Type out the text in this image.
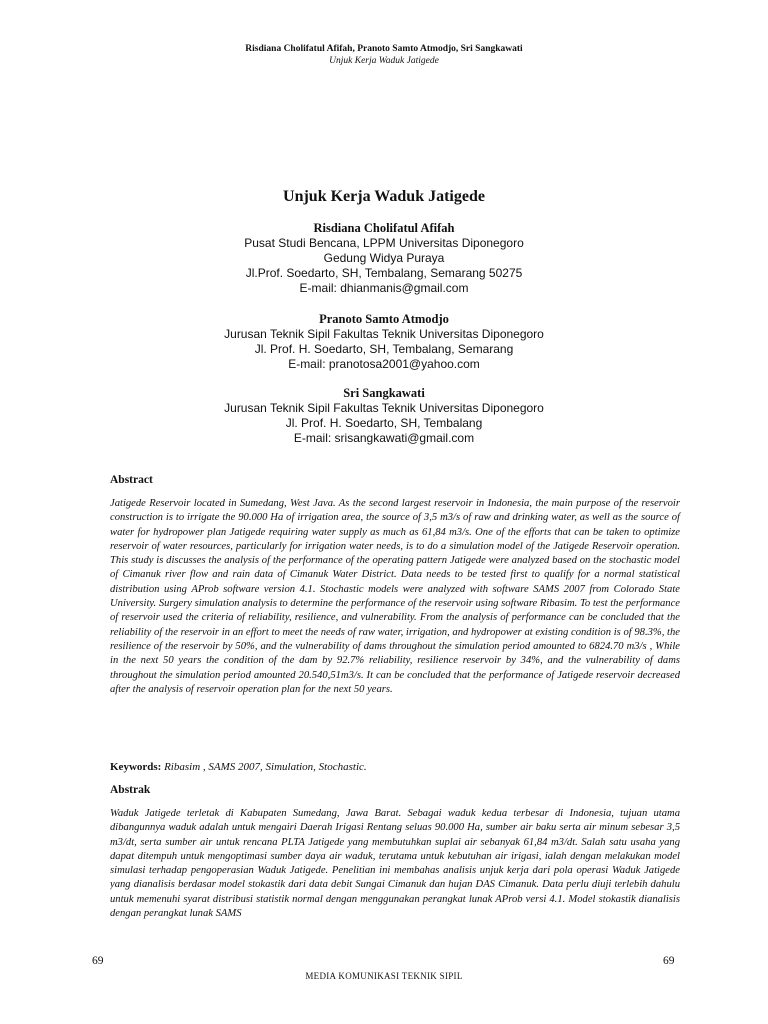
Risdiana Cholifatul Afifah, Pranoto Samto Atmodjo, Sri Sangkawati
Unjuk Kerja Waduk Jatigede
Unjuk Kerja Waduk Jatigede
Risdiana Cholifatul Afifah
Pusat Studi Bencana, LPPM Universitas Diponegoro
Gedung Widya Puraya
Jl.Prof. Soedarto, SH, Tembalang, Semarang 50275
E-mail: dhianmanis@gmail.com
Pranoto Samto Atmodjo
Jurusan Teknik Sipil Fakultas Teknik Universitas Diponegoro
Jl. Prof. H. Soedarto, SH, Tembalang, Semarang
E-mail: pranotosa2001@yahoo.com
Sri Sangkawati
Jurusan Teknik Sipil Fakultas Teknik Universitas Diponegoro
Jl. Prof. H. Soedarto, SH, Tembalang
E-mail: srisangkawati@gmail.com
Abstract

Jatigede Reservoir located in Sumedang, West Java. As the second largest reservoir in Indonesia, the main purpose of the reservoir construction is to irrigate the 90.000 Ha of irrigation area, the source of 3,5 m3/s of raw and drinking water, as well as the source of water for hydropower plan Jatigede requiring water supply as much as 61,84 m3/s. One of the efforts that can be taken to optimize reservoir of water resources, particularly for irrigation water needs, is to do a simulation model of the Jatigede Reservoir operation. This study is discusses the analysis of the performance of the operating pattern Jatigede were analyzed based on the stochastic model of Cimanuk river flow and rain data of Cimanuk Water District. Data needs to be tested first to qualify for a normal statistical distribution using AProb software version 4.1. Stochastic models were analyzed with software SAMS 2007 from Colorado State University. Surgery simulation analysis to determine the performance of the reservoir using software Ribasim. To test the performance of reservoir used the criteria of reliability, resilience, and vulnerability. From the analysis of performance can be concluded that the reliability of the reservoir in an effort to meet the needs of raw water, irrigation, and hydropower at existing condition is of 98.3%, the resilience of the reservoir by 50%, and the vulnerability of dams throughout the simulation period amounted to 6824.70 m3/s , While in the next 50 years the condition of the dam by 92.7% reliability, resilience reservoir by 34%, and the vulnerability of dams throughout the simulation period amounted 20.540,51m3/s. It can be concluded that the performance of Jatigede reservoir decreased after the analysis of reservoir operation plan for the next 50 years.

Keywords: Ribasim , SAMS 2007, Simulation, Stochastic.
Abstrak

Waduk Jatigede terletak di Kabupaten Sumedang, Jawa Barat. Sebagai waduk kedua terbesar di Indonesia, tujuan utama dibangunnya waduk adalah untuk mengairi Daerah Irigasi Rentang seluas 90.000 Ha, sumber air baku serta air minum sebesar 3,5 m3/dt, serta sumber air untuk rencana PLTA Jatigede yang membutuhkan suplai air sebanyak 61,84 m3/dt. Salah satu usaha yang dapat ditempuh untuk mengoptimasi sumber daya air waduk, terutama untuk kebutuhan air irigasi, ialah dengan melakukan model simulasi terhadap pengoperasian Waduk Jatigede. Penelitian ini membahas analisis unjuk kerja dari pola operasi Waduk Jatigede yang dianalisis berdasar model stokastik dari data debit Sungai Cimanuk dan hujan DAS Cimanuk. Data perlu diuji terlebih dahulu untuk memenuhi syarat distribusi statistik normal dengan menggunakan perangkat lunak AProb versi 4.1. Model stokastik dianalisis dengan perangkat lunak SAMS

69	69
MEDIA KOMUNIKASI TEKNIK SIPIL
